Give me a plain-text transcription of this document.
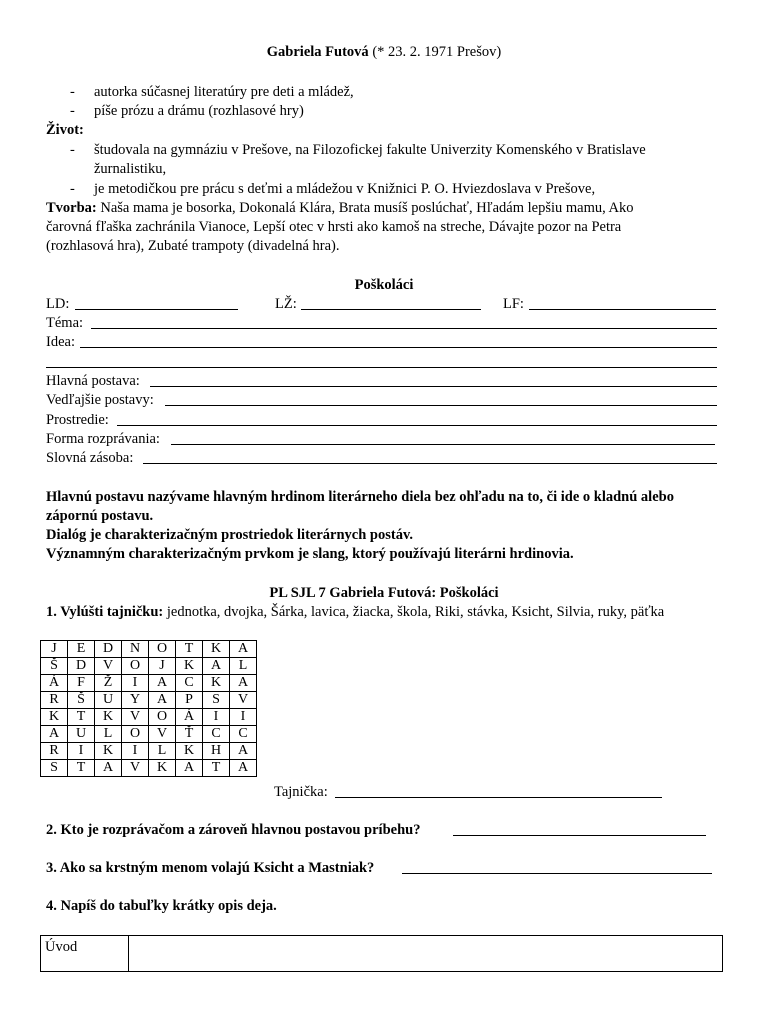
Gabriela Futová (* 23. 2. 1971 Prešov)
- autorka súčasnej literatúry pre deti a mládež,
- píše prózu a drámu (rozhlasové hry)
Život:
- študovala na gymnáziu v Prešove, na Filozofickej fakulte Univerzity Komenského v Bratislave
žurnalistiku,
- je metodičkou pre prácu s deťmi a mládežou v Knižnici P. O. Hviezdoslava v Prešove,
Tvorba: Naša mama je bosorka, Dokonalá Klára, Brata musíš poslúchať, Hľadám lepšiu mamu, Ako
čarovná fľaška zachránila Vianoce, Lepší otec v hrsti ako kamoš na streche, Dávajte pozor na Petra
(rozhlasová hra), Zubaté trampoty (divadelná hra).
Poškoláci
LD:	LŽ:	LF:
Téma:
Idea:
Hlavná postava:
Vedľajšie postavy:
Prostredie:
Forma rozprávania:
Slovná zásoba:
Hlavnú postavu nazývame hlavným hrdinom literárneho diela bez ohľadu na to, či ide o kladnú alebo
zápornú postavu.
Dialóg je charakterizačným prostriedok literárnych postáv.
Významným charakterizačným prvkom je slang, ktorý používajú literárni hrdinovia.
PL SJL 7 Gabriela Futová: Poškoláci
1. Vylúšti tajničku: jednotka, dvojka, Šárka, lavica, žiacka, škola, Riki, stávka, Ksicht, Silvia, ruky, päťka
J	E	D	N	O	T	K	A
Š	D	V	O	J	K	A	L
Á	F	Ž	I	A	C	K	A
R	Š	U	Y	A	P	S	V
K	T	K	V	O	Á	I	I
A	U	L	O	V	Ť	C	C
R	I	K	I	L	K	H	A
S	T	A	V	K	A	T	A
Tajnička:
2. Kto je rozprávačom a zároveň hlavnou postavou príbehu?
3. Ako sa krstným menom volajú Ksicht a Mastniak?
4. Napíš do tabuľky krátky opis deja.
Úvod	
